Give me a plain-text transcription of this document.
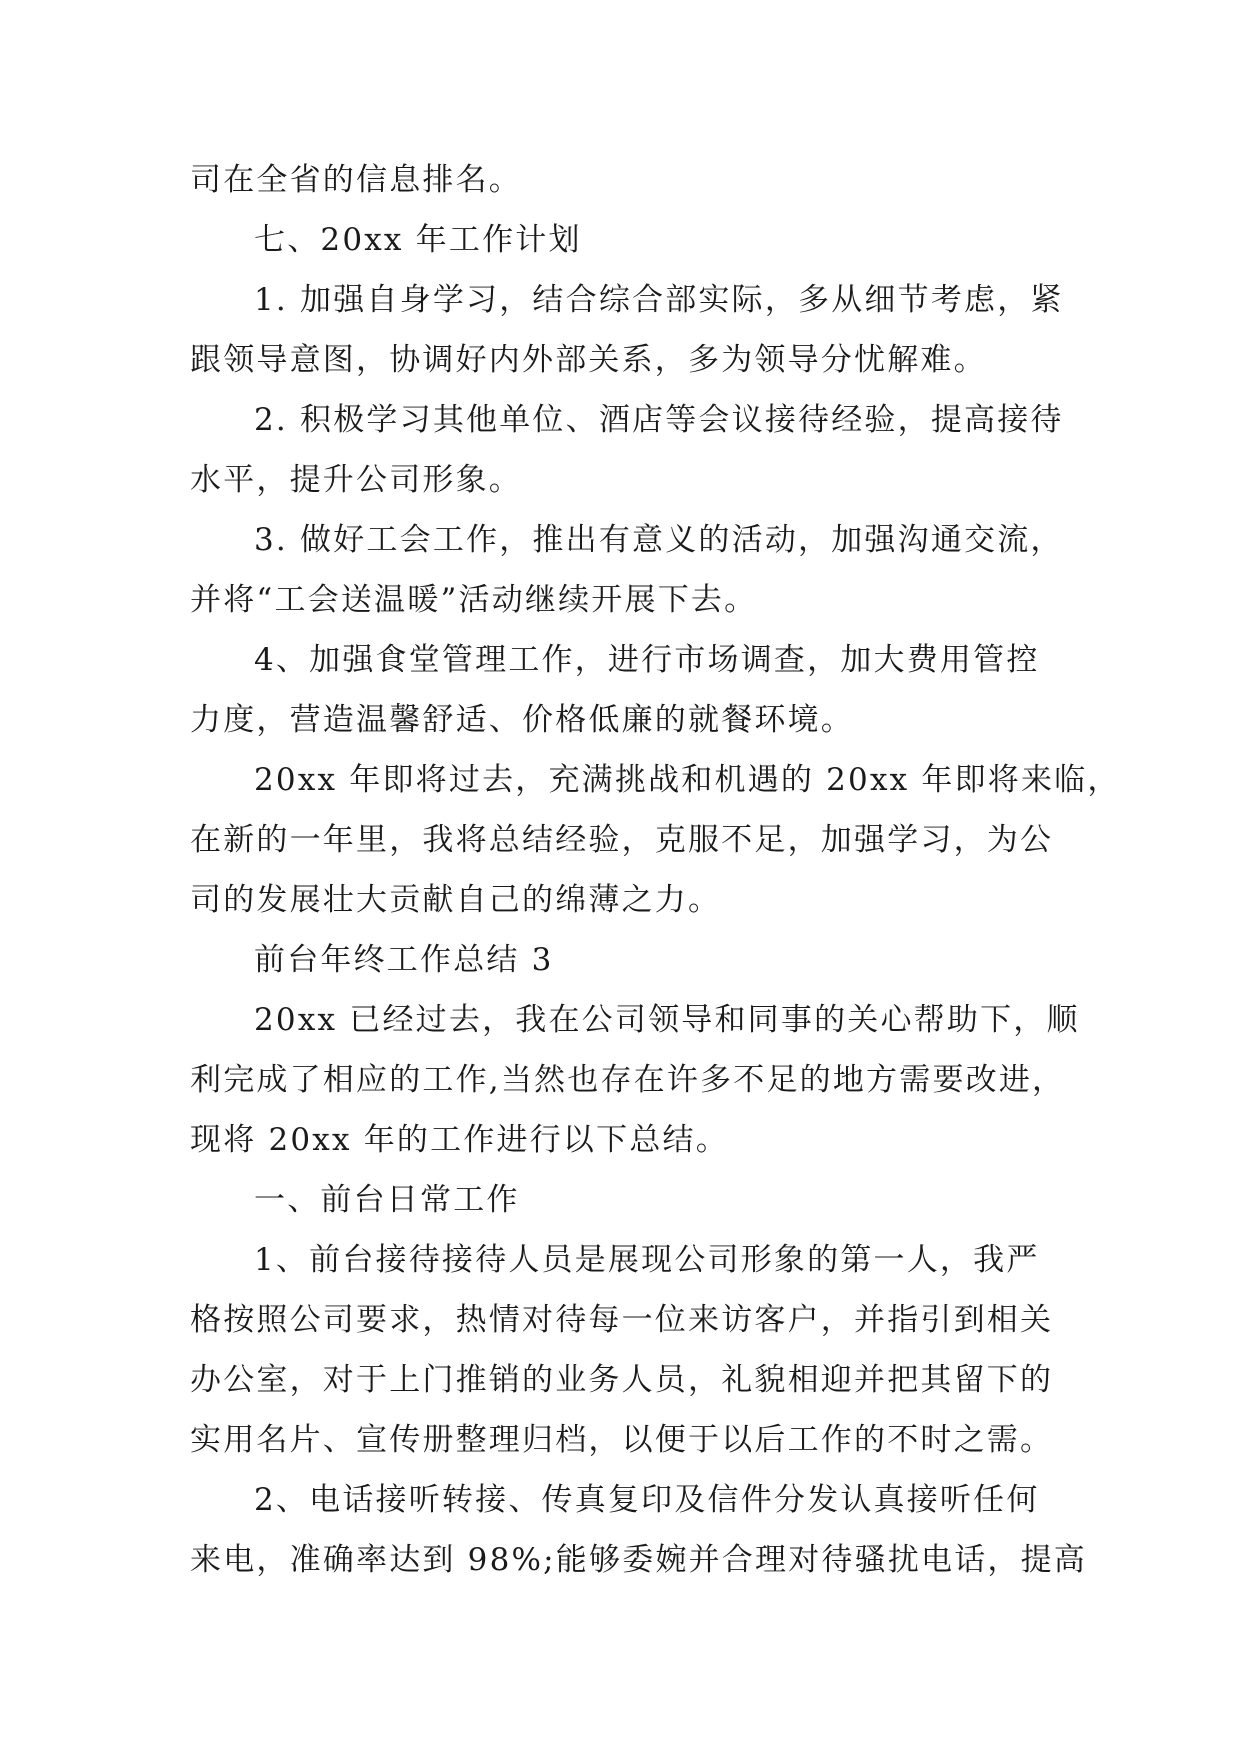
司在全省的信息排名。
七、20xx 年工作计划
1. 加强自身学习，结合综合部实际，多从细节考虑，紧
跟领导意图，协调好内外部关系，多为领导分忧解难。
2. 积极学习其他单位、酒店等会议接待经验，提高接待
水平，提升公司形象。
3. 做好工会工作，推出有意义的活动，加强沟通交流，
并将“工会送温暖”活动继续开展下去。
4、加强食堂管理工作，进行市场调查，加大费用管控
力度，营造温馨舒适、价格低廉的就餐环境。
20xx 年即将过去，充满挑战和机遇的 20xx 年即将来临，
在新的一年里，我将总结经验，克服不足，加强学习，为公
司的发展壮大贡献自己的绵薄之力。
前台年终工作总结 3
20xx 已经过去，我在公司领导和同事的关心帮助下，顺
利完成了相应的工作,当然也存在许多不足的地方需要改进，
现将 20xx 年的工作进行以下总结。
一、前台日常工作
1、前台接待接待人员是展现公司形象的第一人，我严
格按照公司要求，热情对待每一位来访客户，并指引到相关
办公室，对于上门推销的业务人员，礼貌相迎并把其留下的
实用名片、宣传册整理归档，以便于以后工作的不时之需。
2、电话接听转接、传真复印及信件分发认真接听任何
来电，准确率达到 98%;能够委婉并合理对待骚扰电话，提高
